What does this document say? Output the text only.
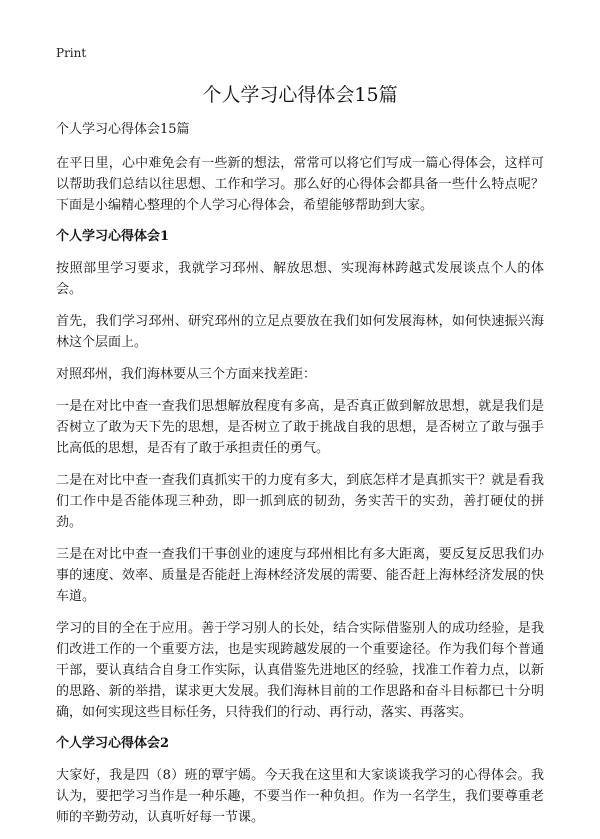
Print
个人学习心得体会15篇
个人学习心得体会15篇

在平日里，心中难免会有一些新的想法，常常可以将它们写成一篇心得体会，这样可以帮助我们总结以往思想、工作和学习。那么好的心得体会都具备一些什么特点呢？下面是小编精心整理的个人学习心得体会，希望能够帮助到大家。

个人学习心得体会1

按照部里学习要求，我就学习邳州、解放思想、实现海林跨越式发展谈点个人的体会。

首先，我们学习邳州、研究邳州的立足点要放在我们如何发展海林，如何快速振兴海林这个层面上。

对照邳州，我们海林要从三个方面来找差距：

一是在对比中查一查我们思想解放程度有多高，是否真正做到解放思想，就是我们是否树立了敢为天下先的思想，是否树立了敢于挑战自我的思想，是否树立了敢与强手比高低的思想，是否有了敢于承担责任的勇气。

二是在对比中查一查我们真抓实干的力度有多大，到底怎样才是真抓实干？就是看我们工作中是否能体现三种劲，即一抓到底的韧劲，务实苦干的实劲，善打硬仗的拼劲。

三是在对比中查一查我们干事创业的速度与邳州相比有多大距离，要反复反思我们办事的速度、效率、质量是否能赶上海林经济发展的需要、能否赶上海林经济发展的快车道。

学习的目的全在于应用。善于学习别人的长处，结合实际借鉴别人的成功经验，是我们改进工作的一个重要方法，也是实现跨越发展的一个重要途径。作为我们每个普通干部，要认真结合自身工作实际，认真借鉴先进地区的经验，找准工作着力点，以新的思路、新的举措，谋求更大发展。我们海林目前的工作思路和奋斗目标都已十分明确，如何实现这些目标任务，只待我们的行动、再行动，落实、再落实。

个人学习心得体会2

大家好，我是四（8）班的覃宇嫣。今天我在这里和大家谈谈我学习的心得体会。我认为，要把学习当作是一种乐趣，不要当作一种负担。作为一名学生，我们要尊重老师的辛勤劳动，认真听好每一节课。
